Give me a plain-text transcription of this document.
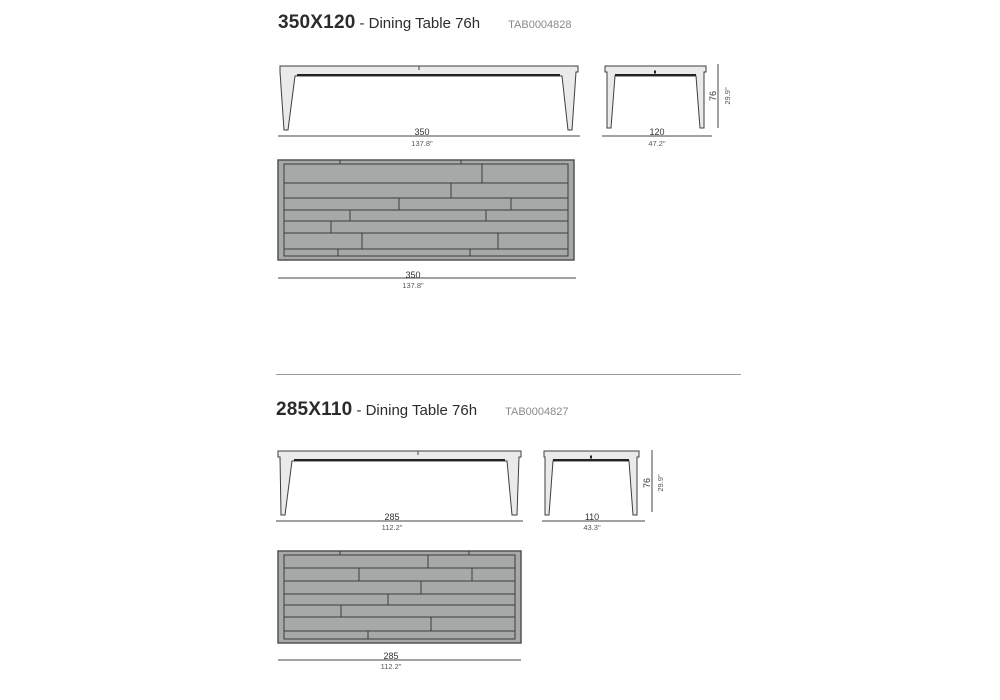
350X120 - Dining Table 76h	TAB0004828
285X110 - Dining Table 76h	TAB0004827
350
137.8"
120
47.2"
76 29.9"
350
137.8"
285
112.2"
110
43.3"
76 29.9"
285
112.2"
